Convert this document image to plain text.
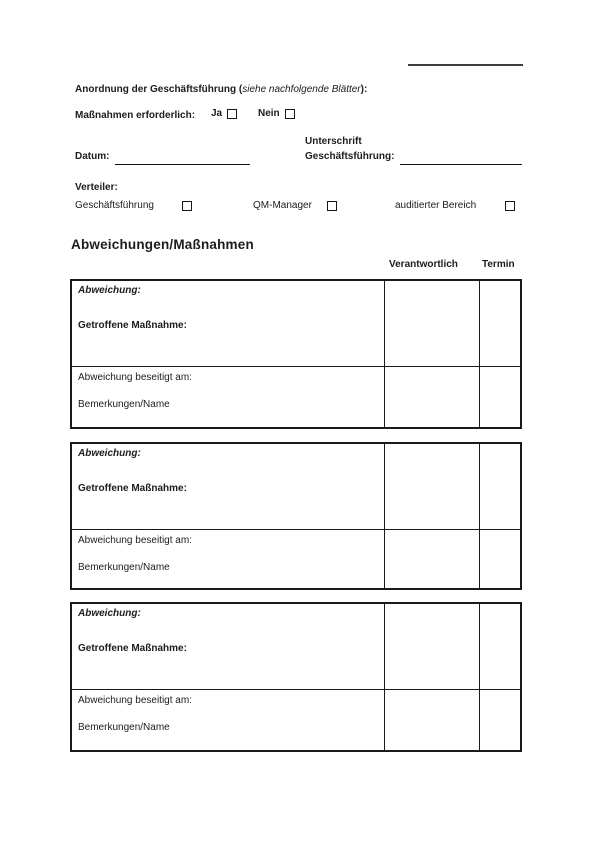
Anordnung der Geschäftsführung (siehe nachfolgende Blätter):
Maßnahmen erforderlich: Ja	Nein
Unterschrift
Datum:	Geschäftsführung:
Verteiler:
Geschäftsführung	QM-Manager	auditierter Bereich
Abweichungen/Maßnahmen
Verantwortlich Termin
Abweichung:
Getroffene Maßnahme:
Abweichung beseitigt am:
Bemerkungen/Name
Abweichung:
Getroffene Maßnahme:
Abweichung beseitigt am:
Bemerkungen/Name
Abweichung:
Getroffene Maßnahme:
Abweichung beseitigt am:
Bemerkungen/Name
